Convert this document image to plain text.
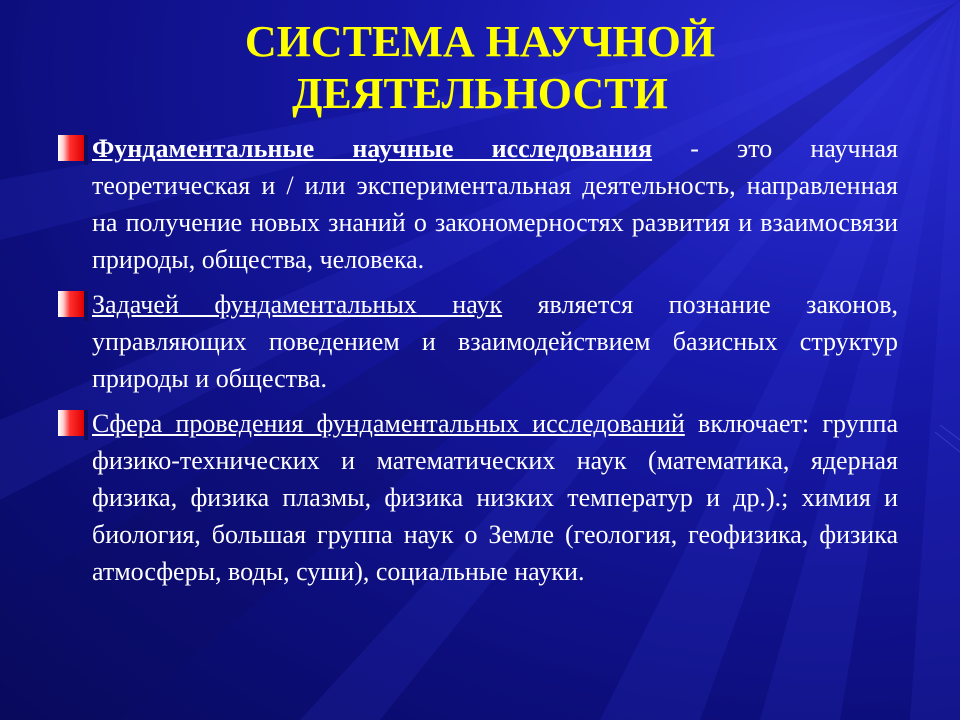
СИСТЕМА НАУЧНОЙ
ДЕЯТЕЛЬНОСТИ
Фундаментальные научные исследования - это научная теоретическая и / или экспериментальная деятельность, направленная на получение новых знаний о закономерностях развития и взаимосвязи природы, общества, человека.
Задачей фундаментальных наук является познание законов, управляющих поведением и взаимодействием базисных структур природы и общества.
Сфера проведения фундаментальных исследований включает: группа физико-технических и математических наук (математика, ядерная физика, физика плазмы, физика низких температур и др.).; химия и биология, большая группа наук о Земле (геология, геофизика, физика атмосферы, воды, суши), социальные науки.
